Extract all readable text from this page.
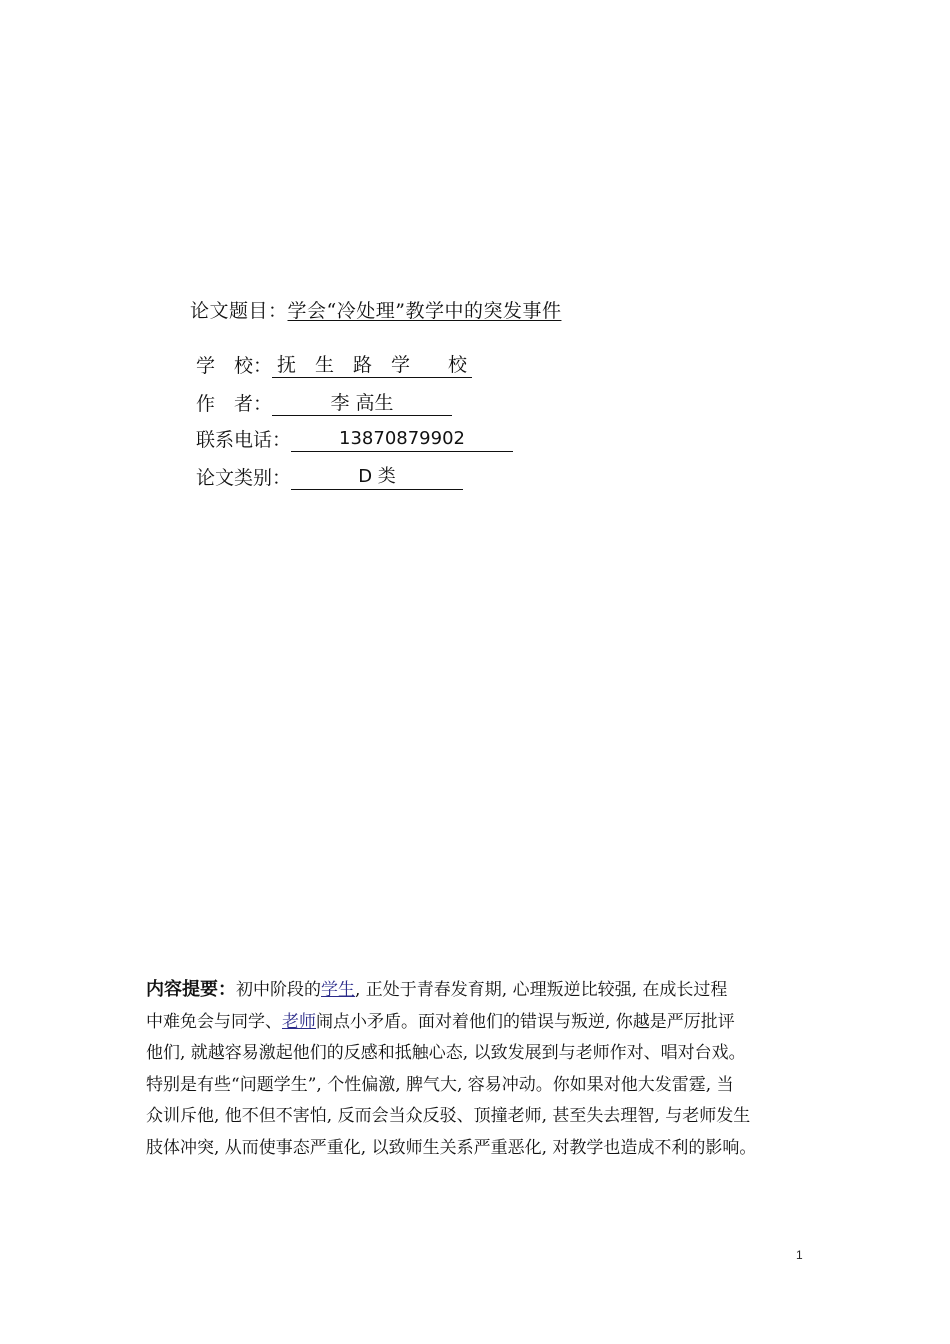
论文题目：学会“冷处理”教学中的突发事件
学　校： 抚　生　路　学　　校
作　者：	李 高生
联系电话：	13870879902
论文类别：	D 类
内容提要：初中阶段的学生, 正处于青春发育期, 心理叛逆比较强, 在成长过程
中难免会与同学、老师闹点小矛盾。面对着他们的错误与叛逆, 你越是严厉批评
他们, 就越容易激起他们的反感和抵触心态, 以致发展到与老师作对、唱对台戏。
特别是有些“问题学生”, 个性偏激, 脾气大, 容易冲动。你如果对他大发雷霆, 当
众训斥他, 他不但不害怕, 反而会当众反驳、顶撞老师, 甚至失去理智, 与老师发生
肢体冲突, 从而使事态严重化, 以致师生关系严重恶化, 对教学也造成不利的影响。
1
